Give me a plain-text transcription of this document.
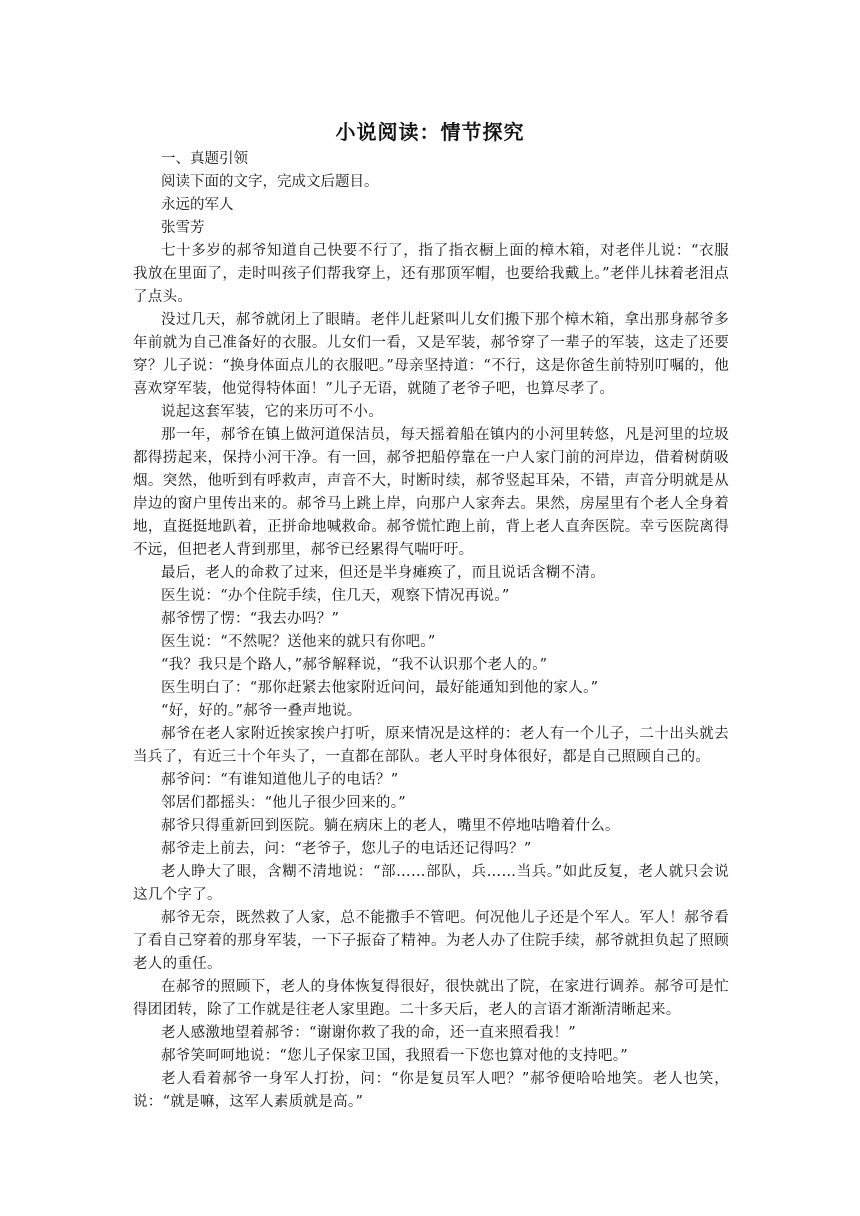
小说阅读：情节探究

一、真题引领

阅读下面的文字，完成文后题目。

永远的军人

张雪芳

七十多岁的郝爷知道自己快要不行了，指了指衣橱上面的樟木箱，对老伴儿说：“衣服我放在里面了，走时叫孩子们帮我穿上，还有那顶军帽，也要给我戴上。”老伴儿抹着老泪点了点头。

没过几天，郝爷就闭上了眼睛。老伴儿赶紧叫儿女们搬下那个樟木箱，拿出那身郝爷多年前就为自己准备好的衣服。儿女们一看，又是军装，郝爷穿了一辈子的军装，这走了还要穿？儿子说：“换身体面点儿的衣服吧。”母亲坚持道：“不行，这是你爸生前特别叮嘱的，他喜欢穿军装，他觉得特体面！”儿子无语，就随了老爷子吧，也算尽孝了。

说起这套军装，它的来历可不小。

那一年，郝爷在镇上做河道保洁员，每天摇着船在镇内的小河里转悠，凡是河里的垃圾都得捞起来，保持小河干净。有一回，郝爷把船停靠在一户人家门前的河岸边，借着树荫吸烟。突然，他听到有呼救声，声音不大，时断时续，郝爷竖起耳朵，不错，声音分明就是从岸边的窗户里传出来的。郝爷马上跳上岸，向那户人家奔去。果然，房屋里有个老人全身着地，直挺挺地趴着，正拼命地喊救命。郝爷慌忙跑上前，背上老人直奔医院。幸亏医院离得不远，但把老人背到那里，郝爷已经累得气喘吁吁。

最后，老人的命救了过来，但还是半身瘫痪了，而且说话含糊不清。

医生说：“办个住院手续，住几天，观察下情况再说。”

郝爷愣了愣：“我去办吗？”

医生说：“不然呢？送他来的就只有你吧。”

“我？我只是个路人，”郝爷解释说，“我不认识那个老人的。”

医生明白了：“那你赶紧去他家附近问问，最好能通知到他的家人。”

“好，好的。”郝爷一叠声地说。

郝爷在老人家附近挨家挨户打听，原来情况是这样的：老人有一个儿子，二十出头就去当兵了，有近三十个年头了，一直都在部队。老人平时身体很好，都是自己照顾自己的。

郝爷问：“有谁知道他儿子的电话？”

邻居们都摇头：“他儿子很少回来的。”

郝爷只得重新回到医院。躺在病床上的老人，嘴里不停地咕噜着什么。

郝爷走上前去，问：“老爷子，您儿子的电话还记得吗？”

老人睁大了眼，含糊不清地说：“部……部队，兵……当兵。”如此反复，老人就只会说这几个字了。

郝爷无奈，既然救了人家，总不能撒手不管吧。何况他儿子还是个军人。军人！郝爷看了看自己穿着的那身军装，一下子振奋了精神。为老人办了住院手续，郝爷就担负起了照顾老人的重任。

在郝爷的照顾下，老人的身体恢复得很好，很快就出了院，在家进行调养。郝爷可是忙得团团转，除了工作就是往老人家里跑。二十多天后，老人的言语才渐渐清晰起来。

老人感激地望着郝爷：“谢谢你救了我的命，还一直来照看我！”

郝爷笑呵呵地说：“您儿子保家卫国，我照看一下您也算对他的支持吧。”

老人看着郝爷一身军人打扮，问：“你是复员军人吧？”郝爷便哈哈地笑。老人也笑，说：“就是嘛，这军人素质就是高。”
